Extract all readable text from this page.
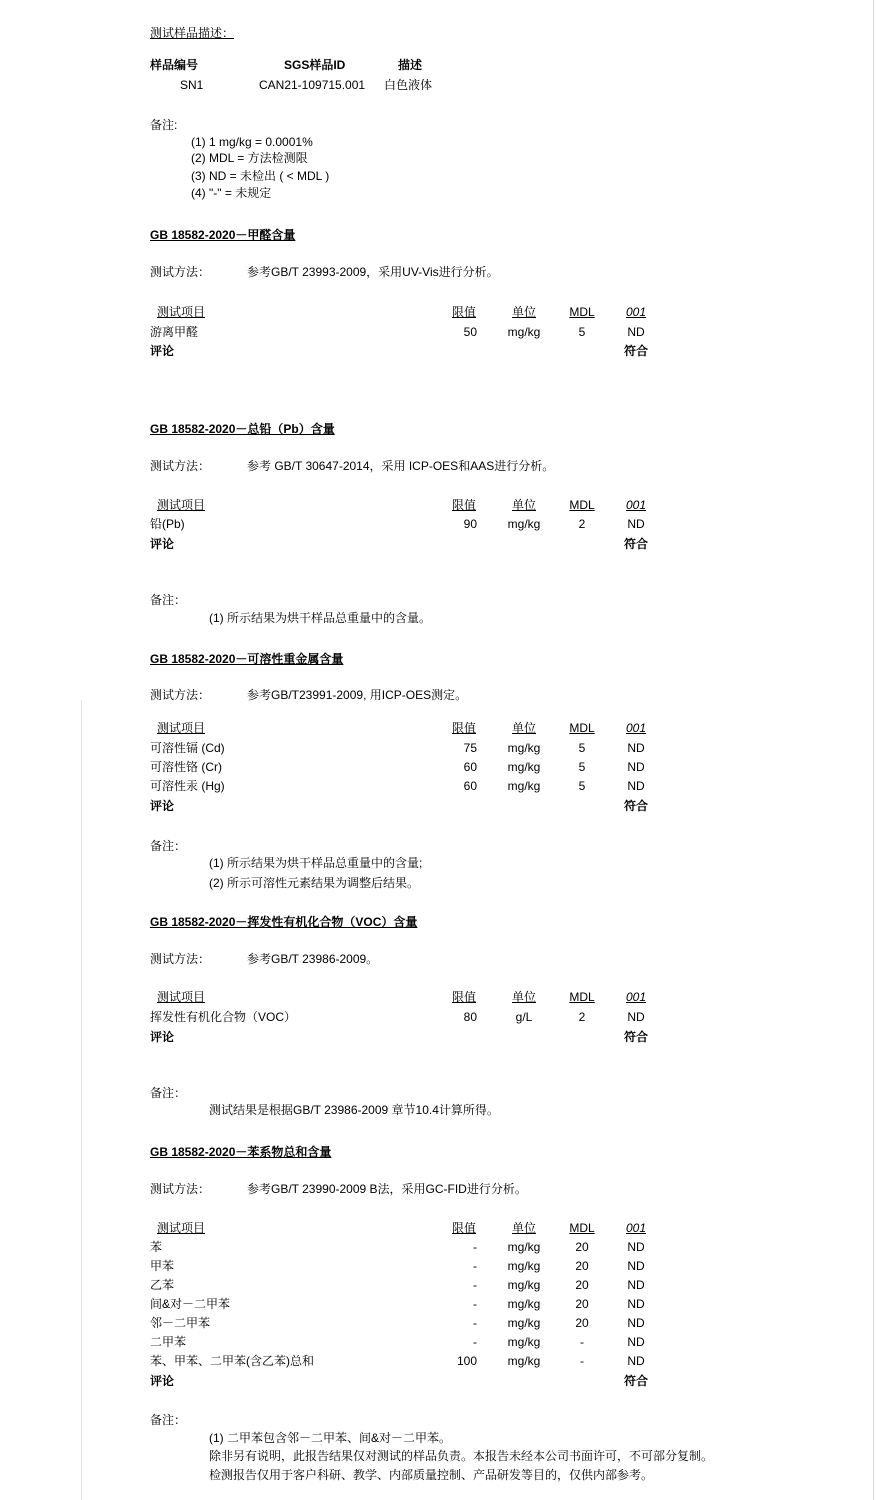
测试样品描述：
样品编号	SGS样品ID	描述
SN1	CAN21-109715.001 白色液体
备注:
(1) 1 mg/kg = 0.0001%
(2) MDL = 方法检测限
(3) ND = 未检出 ( < MDL )
(4) "-" = 未规定
GB 18582-2020－甲醛含量
测试方法：	参考GB/T 23993-2009，采用UV-Vis进行分析。
测试项目	限值	单位	MDL	001
游离甲醛	50	mg/kg	5	ND
评论	符合
GB 18582-2020－总铅（Pb）含量
测试方法：	参考 GB/T 30647-2014，采用 ICP-OES和AAS进行分析。
测试项目	限值	单位	MDL	001
铅(Pb)	90	mg/kg	2	ND
评论	符合
备注：
(1) 所示结果为烘干样品总重量中的含量。
GB 18582-2020－可溶性重金属含量
测试方法：	参考GB/T23991-2009, 用ICP-OES测定。
测试项目	限值	单位	MDL	001
可溶性镉 (Cd)	75	mg/kg	5	ND
可溶性铬 (Cr)	60	mg/kg	5	ND
可溶性汞 (Hg)	60	mg/kg	5	ND
评论	符合
备注：
(1) 所示结果为烘干样品总重量中的含量;
(2) 所示可溶性元素结果为调整后结果。
GB 18582-2020－挥发性有机化合物（VOC）含量
测试方法：	参考GB/T 23986-2009。
测试项目	限值	单位	MDL	001
挥发性有机化合物（VOC）	80	g/L	2	ND
评论	符合
备注：
测试结果是根据GB/T 23986-2009 章节10.4计算所得。
GB 18582-2020－苯系物总和含量
测试方法：	参考GB/T 23990-2009 B法，采用GC-FID进行分析。
测试项目	限值	单位	MDL	001
苯	-	mg/kg	20	ND
甲苯	-	mg/kg	20	ND
乙苯	-	mg/kg	20	ND
间&对－二甲苯	-	mg/kg	20	ND
邻－二甲苯	-	mg/kg	20	ND
二甲苯	-	mg/kg	-	ND
苯、甲苯、二甲苯(含乙苯)总和	100	mg/kg	-	ND
评论	符合
备注：
(1) 二甲苯包含邻－二甲苯、间&对－二甲苯。
除非另有说明，此报告结果仅对测试的样品负责。本报告未经本公司书面许可，不可部分复制。
检测报告仅用于客户科研、教学、内部质量控制、产品研发等目的，仅供内部参考。
